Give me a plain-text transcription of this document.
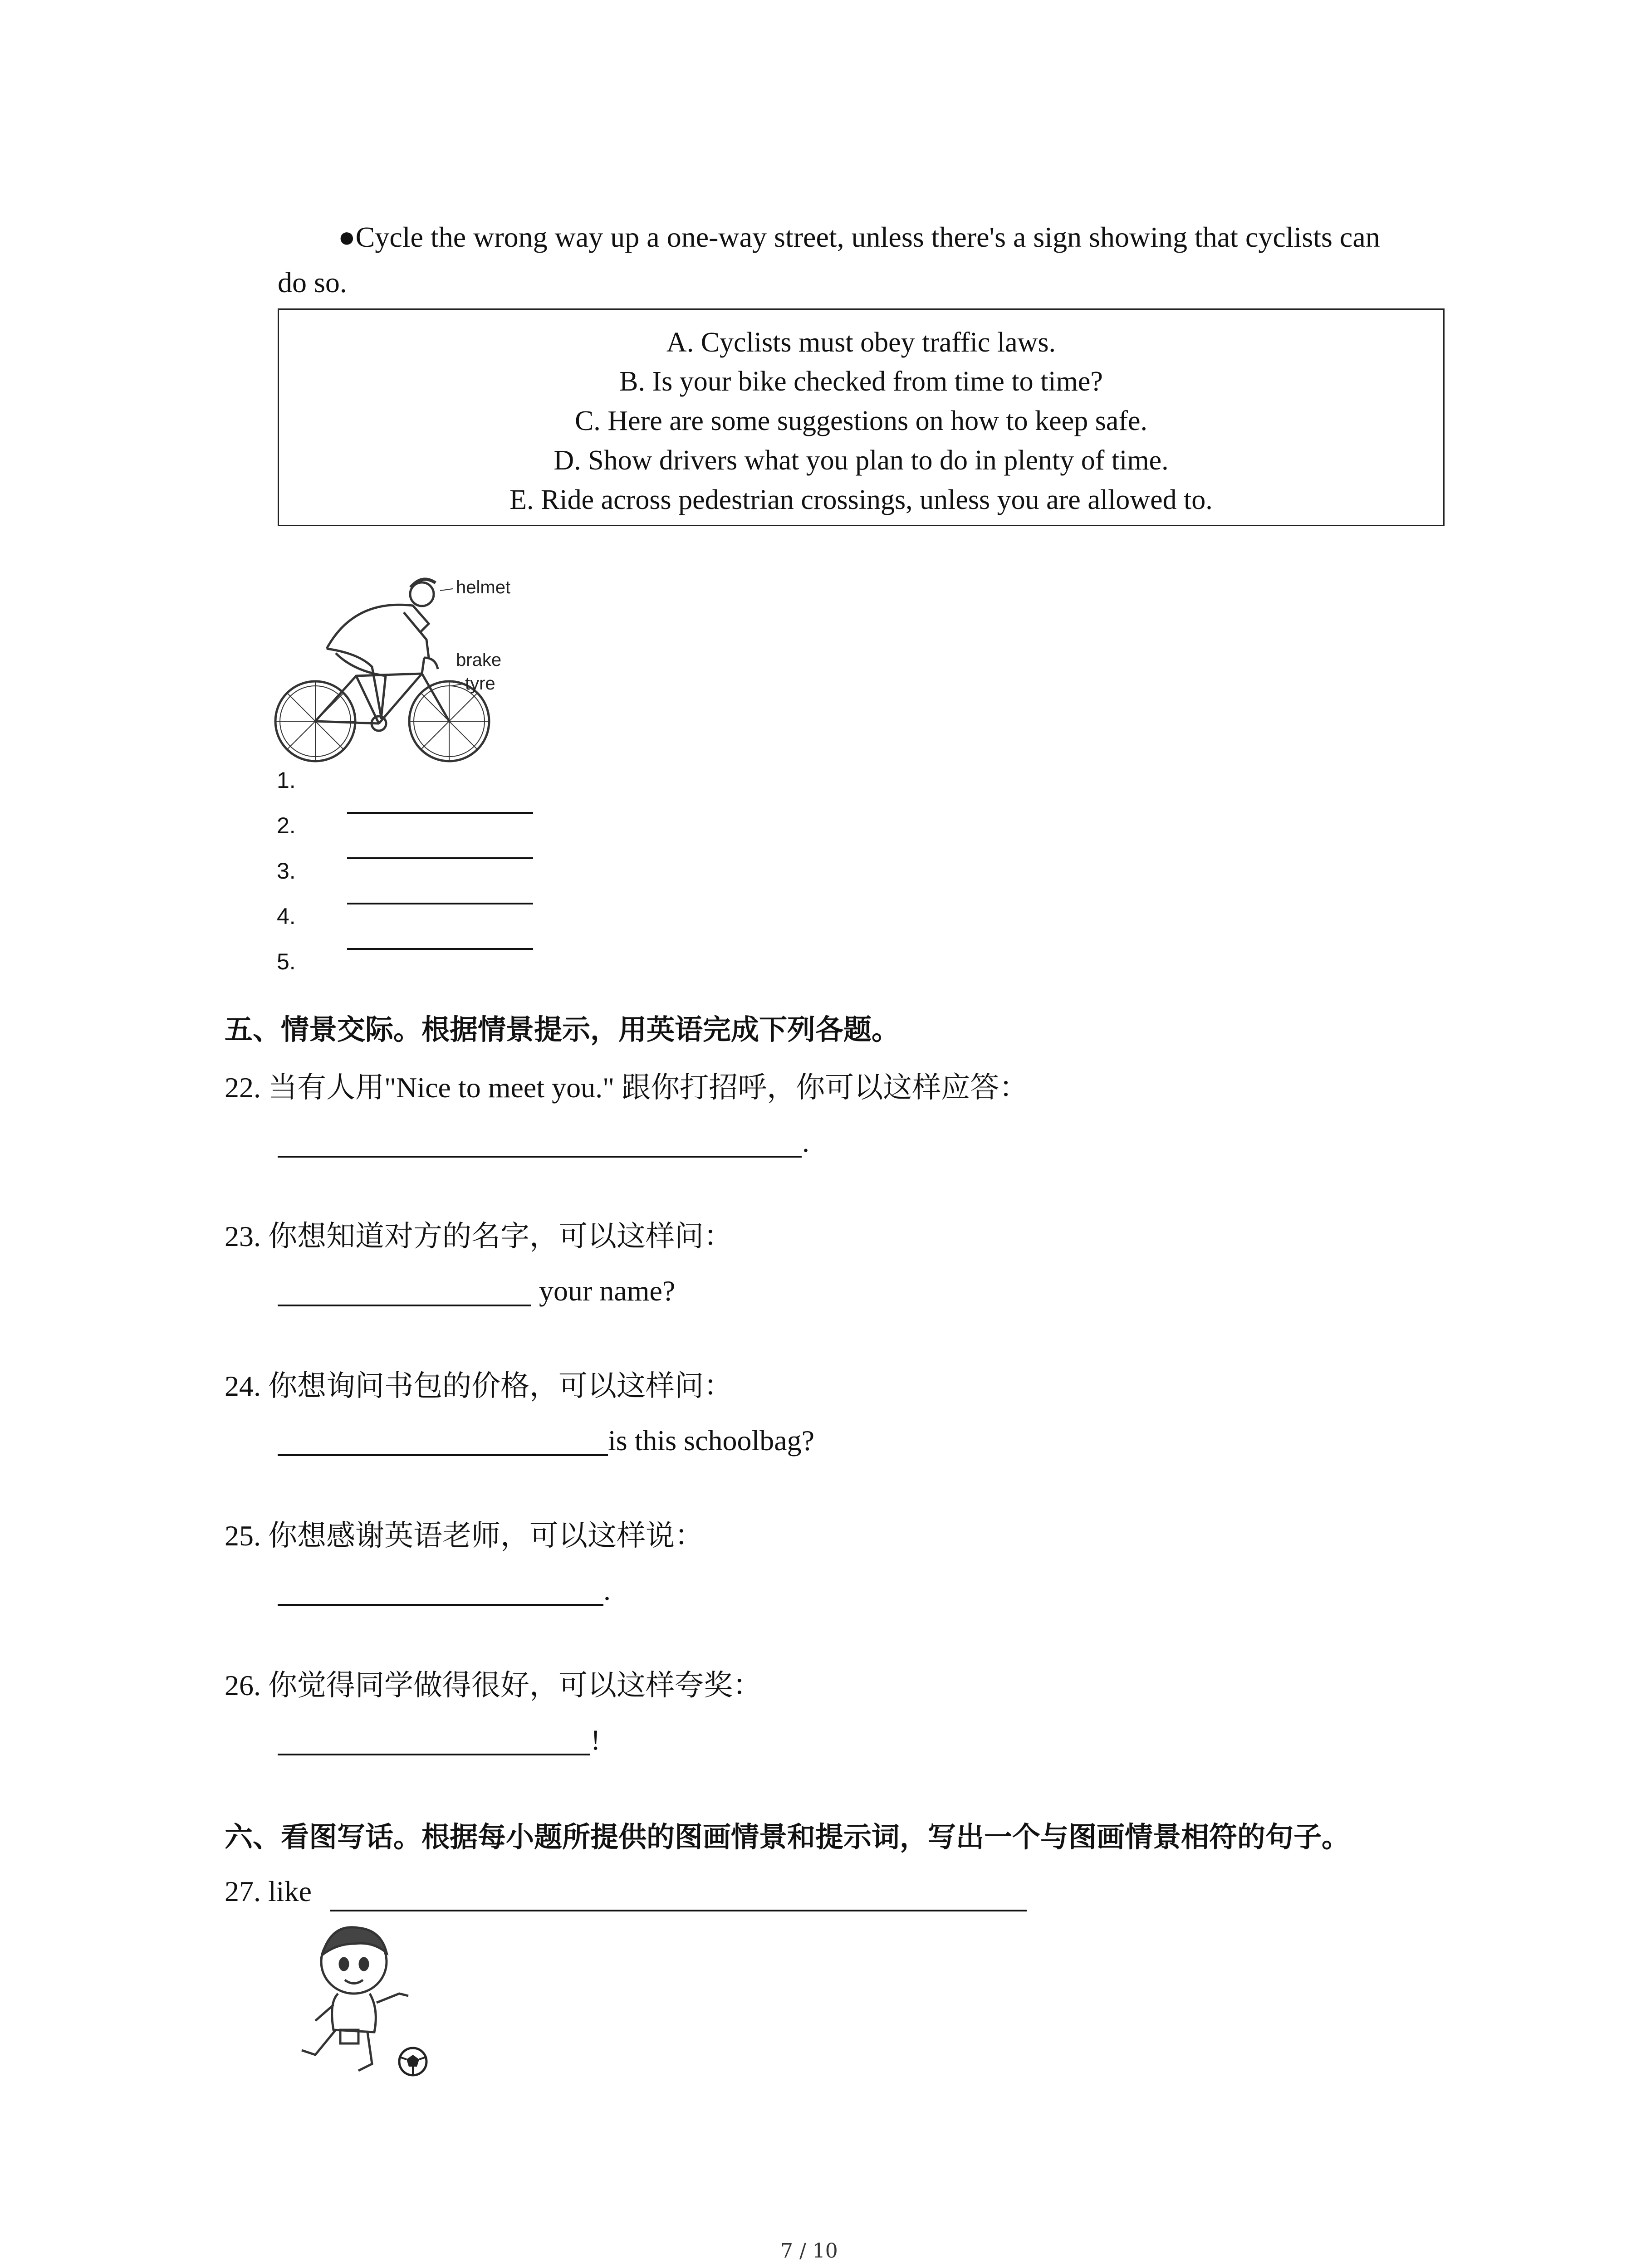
●Cycle the wrong way up a one-way street, unless there's a sign showing that cyclists can
do so.
A. Cyclists must obey traffic laws.
B. Is your bike checked from time to time?
C. Here are some suggestions on how to keep safe.
D. Show drivers what you plan to do in plenty of time.
E. Ride across pedestrian crossings, unless you are allowed to.
helmet
brake
tyre
1.
2.
3.
4.
5.
五、情景交际。根据情景提示，用英语完成下列各题。
22. 当有人用"Nice to meet you." 跟你打招呼，你可以这样应答：
.
23. 你想知道对方的名字，可以这样问：
your name?
24. 你想询问书包的价格，可以这样问：
is this schoolbag?
25. 你想感谢英语老师，可以这样说：
.
26. 你觉得同学做得很好，可以这样夸奖：
!
六、看图写话。根据每小题所提供的图画情景和提示词，写出一个与图画情景相符的句子。
27. like
7 / 10
